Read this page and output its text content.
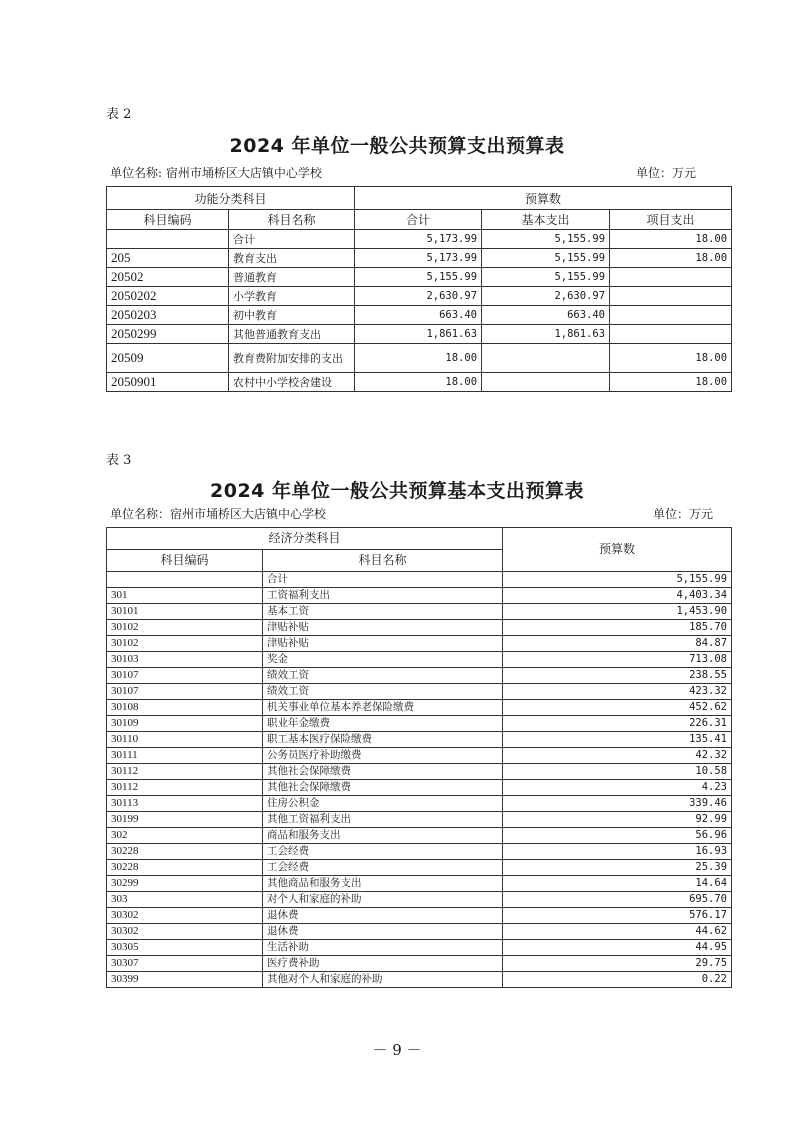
表 2
2024 年单位一般公共预算支出预算表
单位名称: 宿州市埇桥区大店镇中心学校	单位：万元
功能分类科目		预算数		
科目编码	科目名称	合计	基本支出	项目支出
	合计	5,173.99	5,155.99	18.00
205	教育支出	5,173.99	5,155.99	18.00
20502	普通教育	5,155.99	5,155.99	
2050202	小学教育	2,630.97	2,630.97	
2050203	初中教育	663.40	663.40	
2050299	其他普通教育支出	1,861.63	1,861.63	
20509	教育费附加安排的支出	18.00		18.00
2050901	农村中小学校舍建设	18.00		18.00
表 3
2024 年单位一般公共预算基本支出预算表
单位名称：宿州市埇桥区大店镇中心学校	单位：万元
经济分类科目		预算数
科目编码	科目名称	
	合计	5,155.99
301	工资福利支出	4,403.34
30101	基本工资	1,453.90
30102	津贴补贴	185.70
30102	津贴补贴	84.87
30103	奖金	713.08
30107	绩效工资	238.55
30107	绩效工资	423.32
30108	机关事业单位基本养老保险缴费	452.62
30109	职业年金缴费	226.31
30110	职工基本医疗保险缴费	135.41
30111	公务员医疗补助缴费	42.32
30112	其他社会保障缴费	10.58
30112	其他社会保障缴费	4.23
30113	住房公积金	339.46
30199	其他工资福利支出	92.99
302	商品和服务支出	56.96
30228	工会经费	16.93
30228	工会经费	25.39
30299	其他商品和服务支出	14.64
303	对个人和家庭的补助	695.70
30302	退休费	576.17
30302	退休费	44.62
30305	生活补助	44.95
30307	医疗费补助	29.75
30399	其他对个人和家庭的补助	0.22
－ 9 －
